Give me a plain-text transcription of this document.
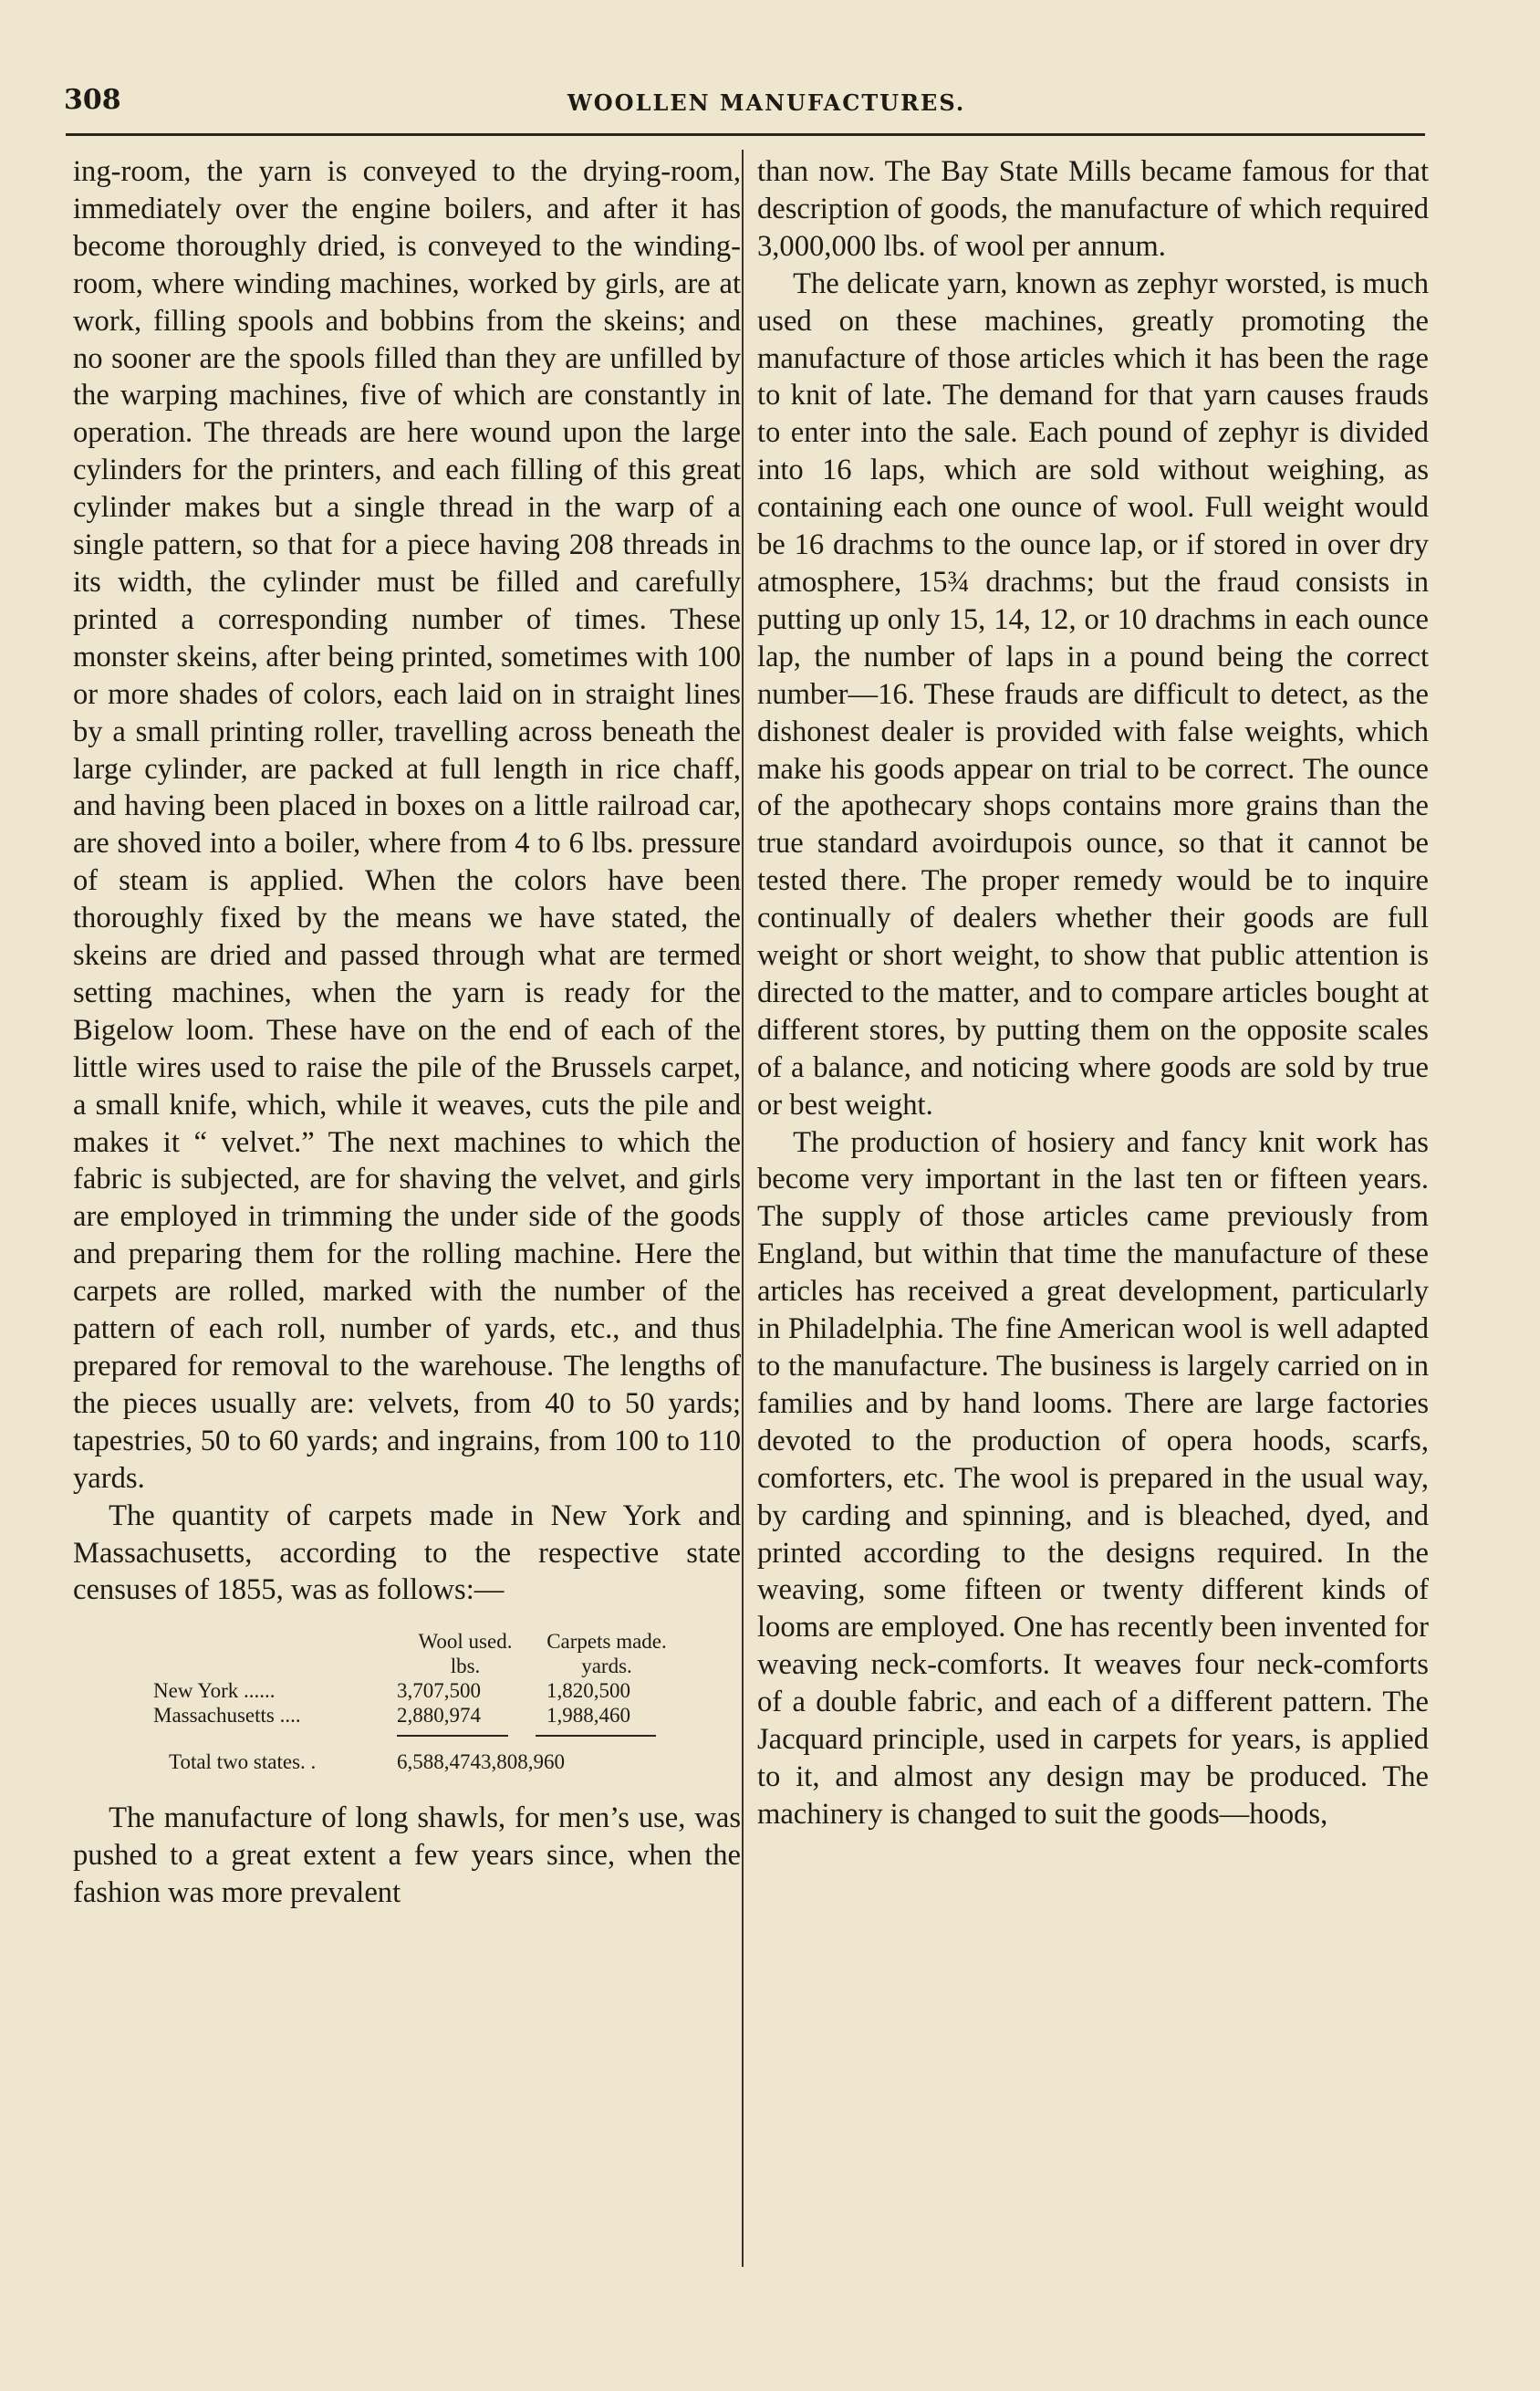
308	WOOLLEN MANUFACTURES.

ing-room, the yarn is conveyed to the drying-room, immediately over the engine boilers, and after it has become thoroughly dried, is conveyed to the winding-room, where winding machines, worked by girls, are at work, filling spools and bobbins from the skeins; and no sooner are the spools filled than they are unfilled by the warping machines, five of which are constantly in operation. The threads are here wound upon the large cylinders for the printers, and each filling of this great cylinder makes but a single thread in the warp of a single pattern, so that for a piece having 208 threads in its width, the cylinder must be filled and carefully printed a corresponding number of times. These monster skeins, after being printed, sometimes with 100 or more shades of colors, each laid on in straight lines by a small printing roller, travelling across beneath the large cylinder, are packed at full length in rice chaff, and having been placed in boxes on a little railroad car, are shoved into a boiler, where from 4 to 6 lbs. pressure of steam is applied. When the colors have been thoroughly fixed by the means we have stated, the skeins are dried and passed through what are termed setting machines, when the yarn is ready for the Bigelow loom. These have on the end of each of the little wires used to raise the pile of the Brussels carpet, a small knife, which, while it weaves, cuts the pile and makes it “ velvet.” The next machines to which the fabric is subjected, are for shaving the velvet, and girls are employed in trimming the under side of the goods and preparing them for the rolling machine. Here the carpets are rolled, marked with the number of the pattern of each roll, number of yards, etc., and thus prepared for removal to the warehouse. The lengths of the pieces usually are: velvets, from 40 to 50 yards; tapestries, 50 to 60 yards; and ingrains, from 100 to 110 yards.

The quantity of carpets made in New York and Massachusetts, according to the respective state censuses of 1855, was as follows:—

Wool used.
lbs.
Carpets made.
yards.
New York ......	3,707,500	1,820,500
Massachusetts ....	2,880,974	1,988,460
Total two states. .	6,588,474 3,808,960

The manufacture of long shawls, for men’s use, was pushed to a great extent a few years since, when the fashion was more prevalent

than now. The Bay State Mills became famous for that description of goods, the manufacture of which required 3,000,000 lbs. of wool per annum.

The delicate yarn, known as zephyr worsted, is much used on these machines, greatly promoting the manufacture of those articles which it has been the rage to knit of late. The demand for that yarn causes frauds to enter into the sale. Each pound of zephyr is divided into 16 laps, which are sold without weighing, as containing each one ounce of wool. Full weight would be 16 drachms to the ounce lap, or if stored in over dry atmosphere, 15¾ drachms; but the fraud consists in putting up only 15, 14, 12, or 10 drachms in each ounce lap, the number of laps in a pound being the correct number—16. These frauds are difficult to detect, as the dishonest dealer is provided with false weights, which make his goods appear on trial to be correct. The ounce of the apothecary shops contains more grains than the true standard avoirdupois ounce, so that it cannot be tested there. The proper remedy would be to inquire continually of dealers whether their goods are full weight or short weight, to show that public attention is directed to the matter, and to compare articles bought at different stores, by putting them on the opposite scales of a balance, and noticing where goods are sold by true or best weight.

The production of hosiery and fancy knit work has become very important in the last ten or fifteen years. The supply of those articles came previously from England, but within that time the manufacture of these articles has received a great development, particularly in Philadelphia. The fine American wool is well adapted to the manufacture. The business is largely carried on in families and by hand looms. There are large factories devoted to the production of opera hoods, scarfs, comforters, etc. The wool is prepared in the usual way, by carding and spinning, and is bleached, dyed, and printed according to the designs required. In the weaving, some fifteen or twenty different kinds of looms are employed. One has recently been invented for weaving neck-comforts. It weaves four neck-comforts of a double fabric, and each of a different pattern. The Jacquard principle, used in carpets for years, is applied to it, and almost any design may be produced. The machinery is changed to suit the goods—hoods,
